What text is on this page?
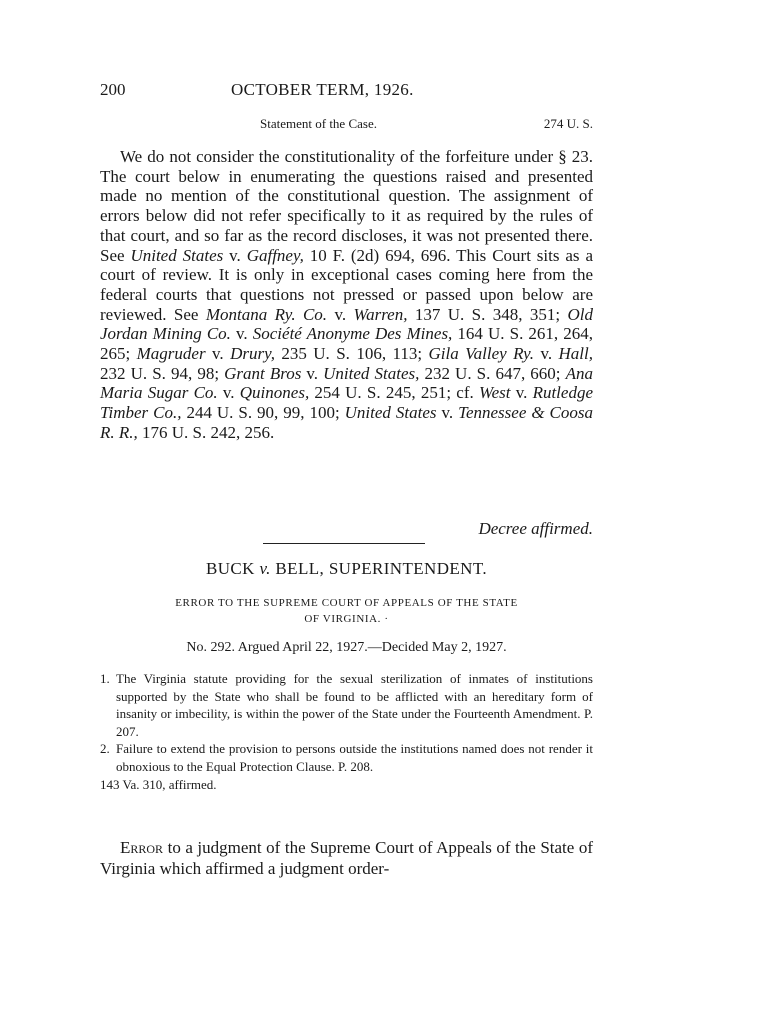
200	OCTOBER TERM, 1926.
Statement of the Case.	274 U. S.

We do not consider the constitutionality of the forfeiture under § 23. The court below in enumerating the questions raised and presented made no mention of the constitutional question. The assignment of errors below did not refer specifically to it as required by the rules of that court, and so far as the record discloses, it was not presented there. See United States v. Gaffney, 10 F. (2d) 694, 696. This Court sits as a court of review. It is only in exceptional cases coming here from the federal courts that questions not pressed or passed upon below are reviewed. See Montana Ry. Co. v. Warren, 137 U. S. 348, 351; Old Jordan Mining Co. v. Société Anonyme Des Mines, 164 U. S. 261, 264, 265; Magruder v. Drury, 235 U. S. 106, 113; Gila Valley Ry. v. Hall, 232 U. S. 94, 98; Grant Bros v. United States, 232 U. S. 647, 660; Ana Maria Sugar Co. v. Quinones, 254 U. S. 245, 251; cf. West v. Rutledge Timber Co., 244 U. S. 90, 99, 100; United States v. Tennessee & Coosa R. R., 176 U. S. 242, 256.

Decree affirmed.
BUCK v. BELL, SUPERINTENDENT.
ERROR TO THE SUPREME COURT OF APPEALS OF THE STATE
OF VIRGINIA. ·
No. 292. Argued April 22, 1927.—Decided May 2, 1927.

1. The Virginia statute providing for the sexual sterilization of inmates of institutions supported by the State who shall be found to be afflicted with an hereditary form of insanity or imbecility, is within the power of the State under the Fourteenth Amendment. P. 207.

2. Failure to extend the provision to persons outside the institutions named does not render it obnoxious to the Equal Protection Clause. P. 208.

143 Va. 310, affirmed.

Error to a judgment of the Supreme Court of Appeals of the State of Virginia which affirmed a judgment order-
